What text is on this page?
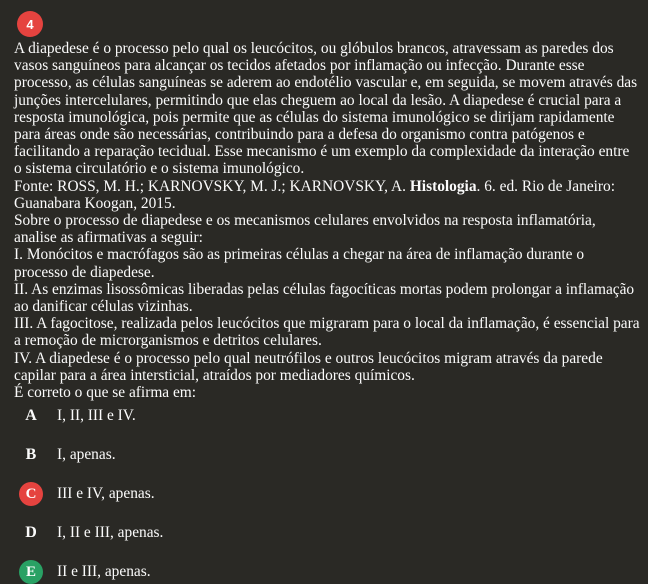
4

A diapedese é o processo pelo qual os leucócitos, ou glóbulos brancos, atravessam as paredes dos vasos sanguíneos para alcançar os tecidos afetados por inflamação ou infecção. Durante esse processo, as células sanguíneas se aderem ao endotélio vascular e, em seguida, se movem através das junções intercelulares, permitindo que elas cheguem ao local da lesão. A diapedese é crucial para a resposta imunológica, pois permite que as células do sistema imunológico se dirijam rapidamente para áreas onde são necessárias, contribuindo para a defesa do organismo contra patógenos e facilitando a reparação tecidual. Esse mecanismo é um exemplo da complexidade da interação entre o sistema circulatório e o sistema imunológico.

Fonte: ROSS, M. H.; KARNOVSKY, M. J.; KARNOVSKY, A. Histologia. 6. ed. Rio de Janeiro: Guanabara Koogan, 2015.

Sobre o processo de diapedese e os mecanismos celulares envolvidos na resposta inflamatória, analise as afirmativas a seguir:

I. Monócitos e macrófagos são as primeiras células a chegar na área de inflamação durante o processo de diapedese.

II. As enzimas lisossômicas liberadas pelas células fagocíticas mortas podem prolongar a inflamação ao danificar células vizinhas.

III. A fagocitose, realizada pelos leucócitos que migraram para o local da inflamação, é essencial para a remoção de microrganismos e detritos celulares.

IV. A diapedese é o processo pelo qual neutrófilos e outros leucócitos migram através da parede capilar para a área intersticial, atraídos por mediadores químicos.

É correto o que se afirma em:

A	I, II, III e IV.
B	I, apenas.
C	III e IV, apenas.
D	I, II e III, apenas.
E	II e III, apenas.
